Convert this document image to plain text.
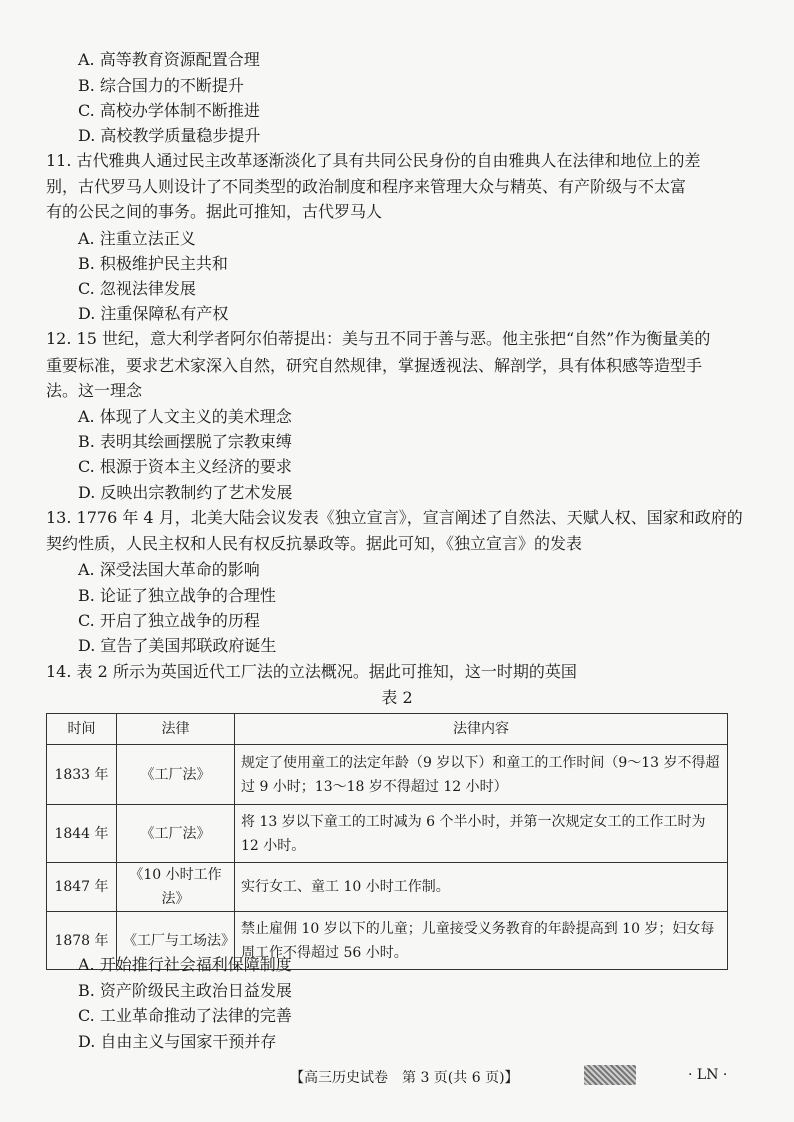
A. 高等教育资源配置合理
B. 综合国力的不断提升
C. 高校办学体制不断推进
D. 高校教学质量稳步提升
11. 古代雅典人通过民主改革逐渐淡化了具有共同公民身份的自由雅典人在法律和地位上的差
别，古代罗马人则设计了不同类型的政治制度和程序来管理大众与精英、有产阶级与不太富
有的公民之间的事务。据此可推知，古代罗马人
A. 注重立法正义
B. 积极维护民主共和
C. 忽视法律发展
D. 注重保障私有产权
12. 15 世纪，意大利学者阿尔伯蒂提出：美与丑不同于善与恶。他主张把“自然”作为衡量美的
重要标准，要求艺术家深入自然，研究自然规律，掌握透视法、解剖学，具有体积感等造型手
法。这一理念
A. 体现了人文主义的美术理念
B. 表明其绘画摆脱了宗教束缚
C. 根源于资本主义经济的要求
D. 反映出宗教制约了艺术发展
13. 1776 年 4 月，北美大陆会议发表《独立宣言》，宣言阐述了自然法、天赋人权、国家和政府的
契约性质，人民主权和人民有权反抗暴政等。据此可知，《独立宣言》的发表
A. 深受法国大革命的影响
B. 论证了独立战争的合理性
C. 开启了独立战争的历程
D. 宣告了美国邦联政府诞生
14. 表 2 所示为英国近代工厂法的立法概况。据此可推知，这一时期的英国
表 2
时间	法律	法律内容
1833 年	《工厂法》	规定了使用童工的法定年龄（9 岁以下）和童工的工作时间（9～13 岁不得超过 9 小时；13～18 岁不得超过 12 小时）
1844 年	《工厂法》	将 13 岁以下童工的工时减为 6 个半小时，并第一次规定女工的工作工时为 12 小时。
1847 年	《10 小时工作法》	实行女工、童工 10 小时工作制。
1878 年	《工厂与工场法》	禁止雇佣 10 岁以下的儿童；儿童接受义务教育的年龄提高到 10 岁；妇女每周工作不得超过 56 小时。
A. 开始推行社会福利保障制度
B. 资产阶级民主政治日益发展
C. 工业革命推动了法律的完善
D. 自由主义与国家干预并存
【高三历史试卷　第 3 页(共 6 页)】	· LN ·
